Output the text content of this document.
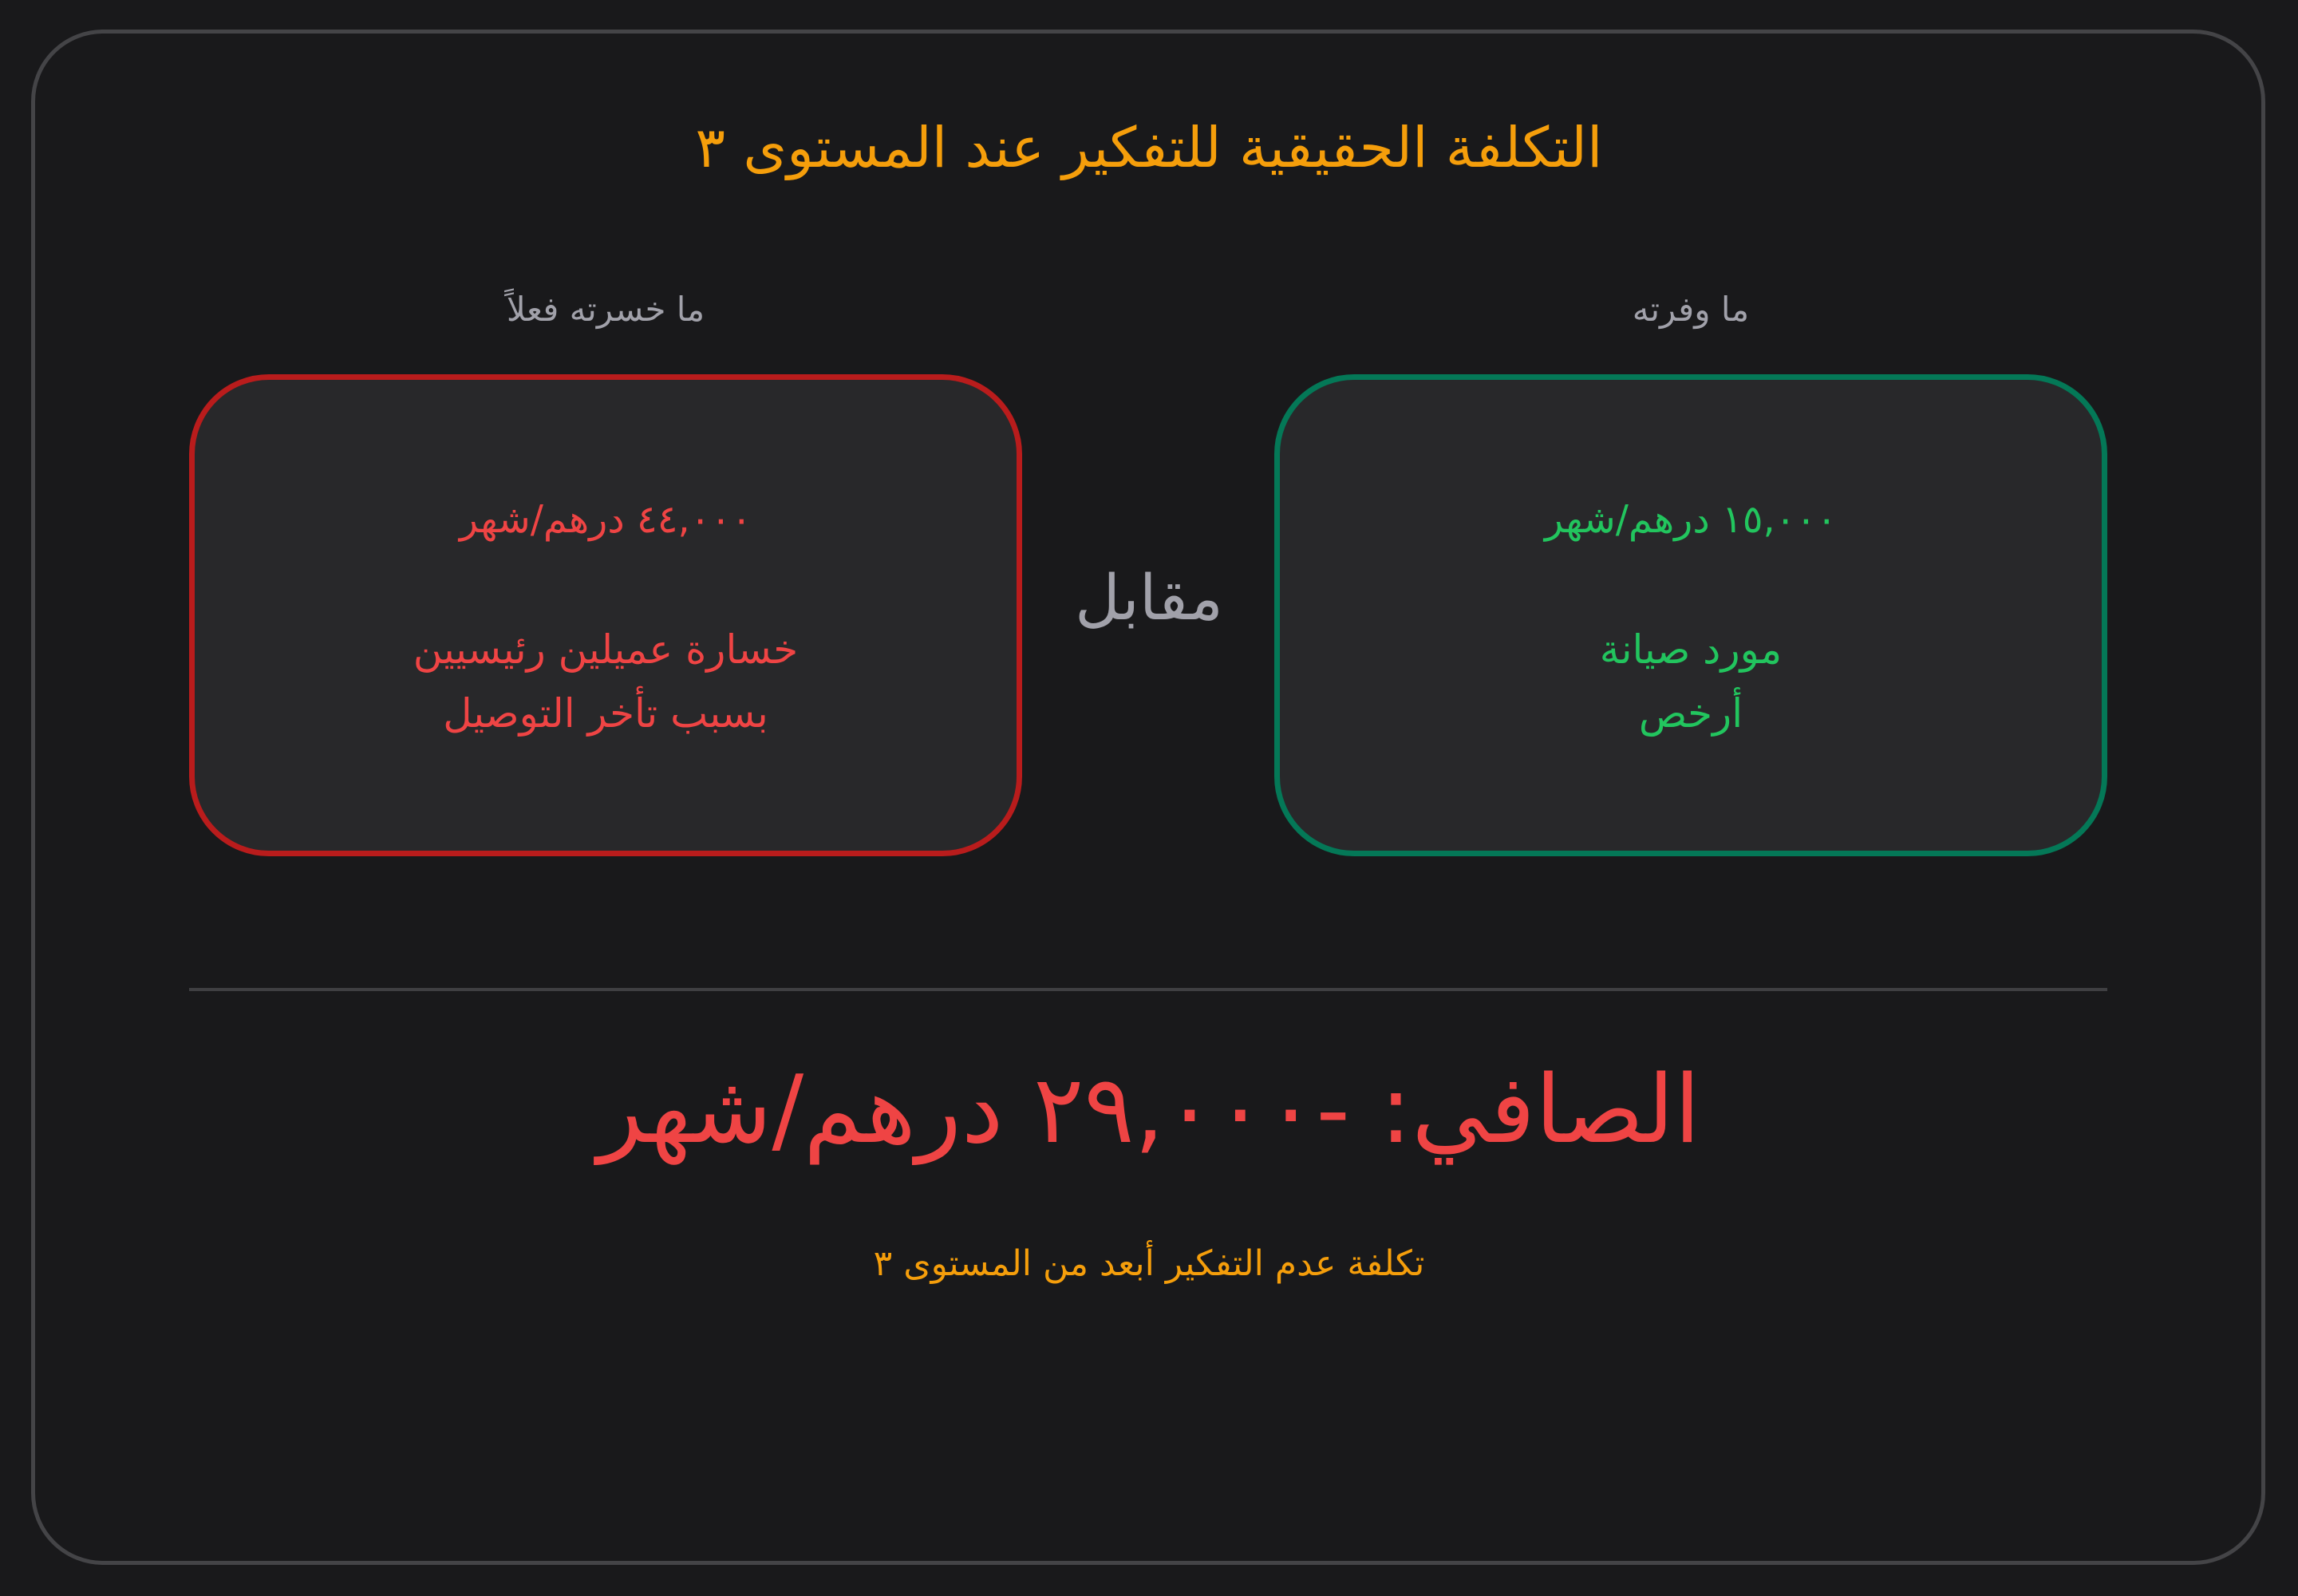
التكلفة الحقيقية للتفكير عند المستوى ٣
ما خسرته فعلاً	ما وفرته
٤٤,٠٠٠ درهم/شهر
خسارة عميلين رئيسيين
بسبب تأخر التوصيل
مقابل
١٥,٠٠٠ درهم/شهر
مورد صيانة
أرخص
الصافي: -٢٩,٠٠٠ درهم/شهر
تكلفة عدم التفكير أبعد من المستوى ٣
